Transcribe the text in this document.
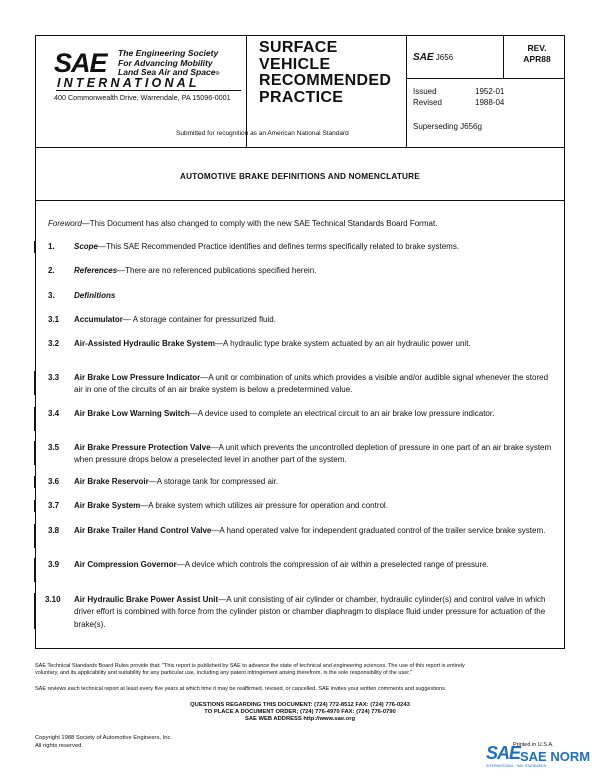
SAE The Engineering Society
For Advancing Mobility
Land Sea Air and Space®
INTERNATIONAL
400 Commonwealth Drive, Warrendale, PA 15096-0001
SURFACE
VEHICLE
RECOMMENDED
PRACTICE
Submitted for recognition as an American National Standard
SAE J656
REV.
APR88
Issued	1952-01
Revised	1988-04
Superseding J656g
AUTOMOTIVE BRAKE DEFINITIONS AND NOMENCLATURE
Foreword—This Document has also changed to comply with the new SAE Technical Standards Board Format.
1. Scope—This SAE Recommended Practice identifies and defines terms specifically related to brake systems.
2. References—There are no referenced publications specified herein.
3. Definitions
3.1 Accumulator— A storage container for pressurized fluid.
3.2 Air-Assisted Hydraulic Brake System—A hydraulic type brake system actuated by an air hydraulic power unit.
3.3 Air Brake Low Pressure Indicator—A unit or combination of units which provides a visible and/or audible signal whenever the stored air in one of the circuits of an air brake system is below a predetermined value.
3.4 Air Brake Low Warning Switch—A device used to complete an electrical circuit to an air brake low pressure indicator.
3.5 Air Brake Pressure Protection Valve—A unit which prevents the uncontrolled depletion of pressure in one part of an air brake system when pressure drops below a preselected level in another part of the system.
3.6 Air Brake Reservoir—A storage tank for compressed air.
3.7 Air Brake System—A brake system which utilizes air pressure for operation and control.
3.8 Air Brake Trailer Hand Control Valve—A hand operated valve for independent graduated control of the trailer service brake system.
3.9 Air Compression Governor—A device which controls the compression of air within a preselected range of pressure.
3.10 Air Hydraulic Brake Power Assist Unit—A unit consisting of air cylinder or chamber, hydraulic cylinder(s) and control valve in which driver effort is combined with force from the cylinder piston or chamber diaphragm to displace fluid under pressure for actuation of the brake(s).
SAE Technical Standards Board Rules provide that: "This report is published by SAE to advance the state of technical and engineering sciences. The use of this report is entirely
voluntary, and its applicability and suitability for any particular use, including any patent infringement arising therefrom, is the sole responsibility of the user."
SAE reviews each technical report at least every five years at which time it may be reaffirmed, revised, or cancelled. SAE invites your written comments and suggestions.
QUESTIONS REGARDING THIS DOCUMENT: (724) 772-8512 FAX: (724) 776-0243
TO PLACE A DOCUMENT ORDER; (724) 776-4970 FAX: (724) 776-0790
SAE WEB ADDRESS http://www.sae.org
Copyright 1988 Society of Automotive Engineers, Inc.
All rights reserved.	Printed in U.S.A.
SAE SAE NORM
INTERNATIONAL · SAE STANDARDS
